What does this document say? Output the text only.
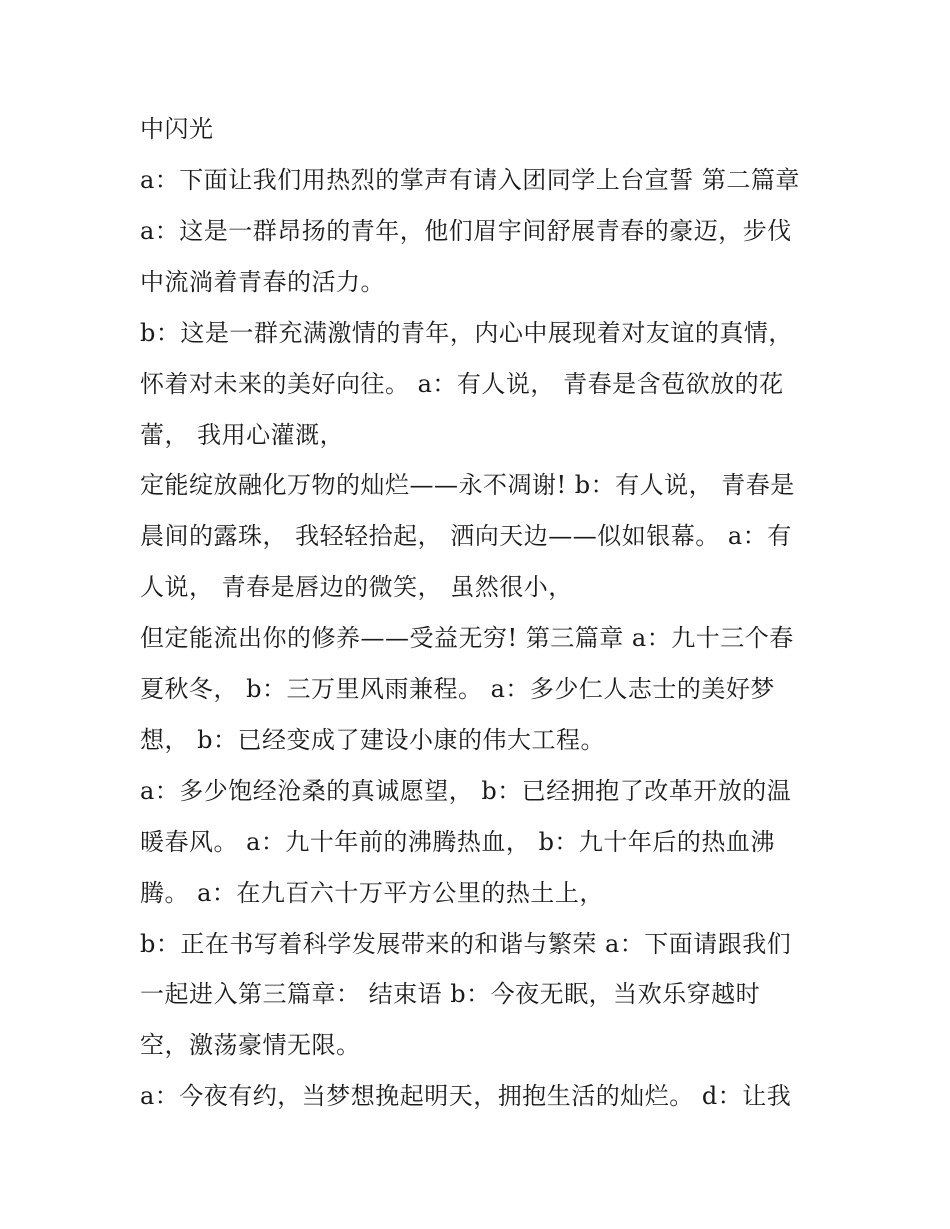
中闪光
a：下面让我们用热烈的掌声有请入团同学上台宣誓 第二篇章
a：这是一群昂扬的青年，他们眉宇间舒展青春的豪迈，步伐
中流淌着青春的活力。
b：这是一群充满激情的青年，内心中展现着对友谊的真情，
怀着对未来的美好向往。 a：有人说， 青春是含苞欲放的花
蕾， 我用心灌溉，
定能绽放融化万物的灿烂——永不凋谢! b：有人说， 青春是
晨间的露珠， 我轻轻拾起， 洒向天边——似如银幕。 a：有
人说， 青春是唇边的微笑， 虽然很小，
但定能流出你的修养——受益无穷! 第三篇章 a：九十三个春
夏秋冬， b：三万里风雨兼程。 a：多少仁人志士的美好梦
想， b：已经变成了建设小康的伟大工程。
a：多少饱经沧桑的真诚愿望， b：已经拥抱了改革开放的温
暖春风。 a：九十年前的沸腾热血， b：九十年后的热血沸
腾。 a：在九百六十万平方公里的热土上，
b：正在书写着科学发展带来的和谐与繁荣 a：下面请跟我们
一起进入第三篇章： 结束语 b：今夜无眠，当欢乐穿越时
空，激荡豪情无限。
a：今夜有约，当梦想挽起明天，拥抱生活的灿烂。 d：让我
